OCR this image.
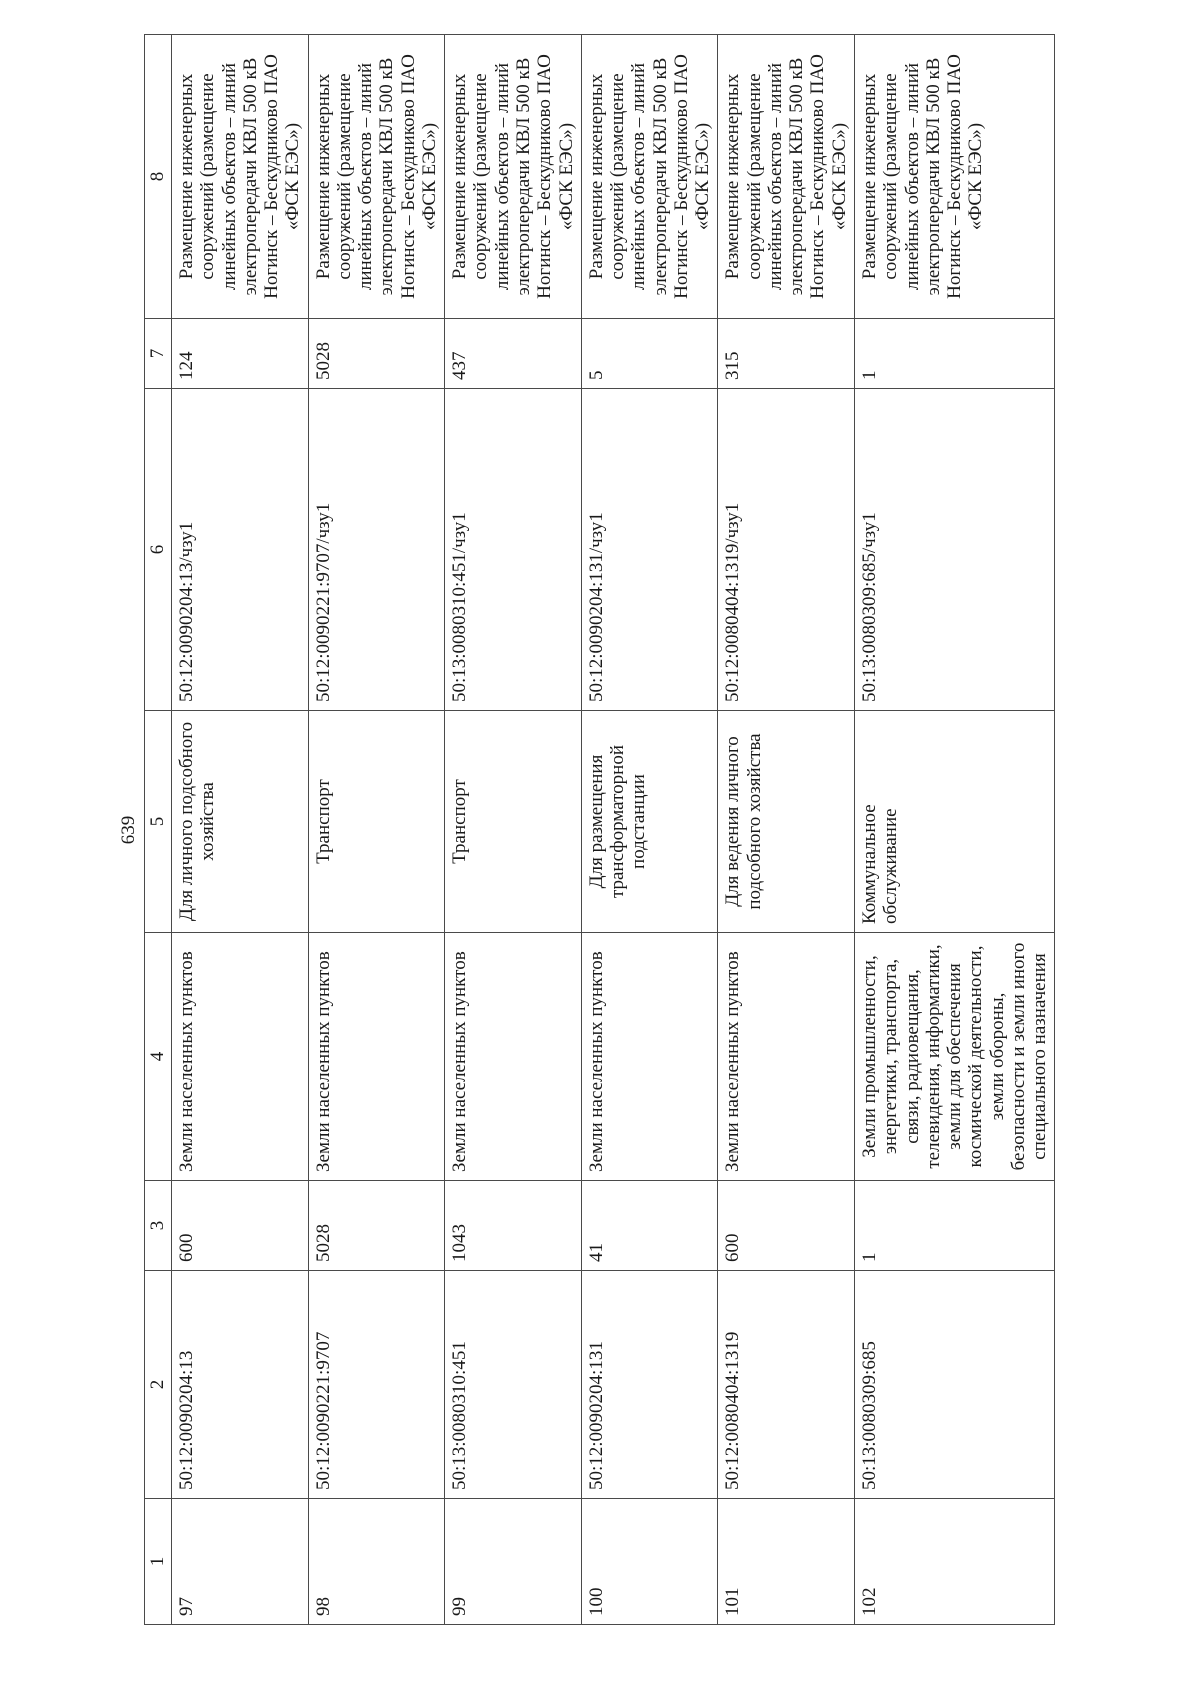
639
1	2	3	4	5	6	7	8
97	50:12:0090204:13	600	Земли населенных пунктов	Для личного подсобного хозяйства	50:12:0090204:13/чзу1	124	Размещение инженерных сооружений (размещение линейных объектов – линий электропередачи КВЛ 500 кВ Ногинск – Бескудниково ПАО «ФСК ЕЭС»)
98	50:12:0090221:9707	5028	Земли населенных пунктов	Транспорт	50:12:0090221:9707/чзу1	5028	Размещение инженерных сооружений (размещение линейных объектов – линий электропередачи КВЛ 500 кВ Ногинск – Бескудниково ПАО «ФСК ЕЭС»)
99	50:13:0080310:451	1043	Земли населенных пунктов	Транспорт	50:13:0080310:451/чзу1	437	Размещение инженерных сооружений (размещение линейных объектов – линий электропередачи КВЛ 500 кВ Ногинск – Бескудниково ПАО «ФСК ЕЭС»)
100	50:12:0090204:131	41	Земли населенных пунктов	Для размещения трансформаторной подстанции	50:12:0090204:131/чзу1	5	Размещение инженерных сооружений (размещение линейных объектов – линий электропередачи КВЛ 500 кВ Ногинск – Бескудниково ПАО «ФСК ЕЭС»)
101	50:12:0080404:1319	600	Земли населенных пунктов	Для ведения личного подсобного хозяйства	50:12:0080404:1319/чзу1	315	Размещение инженерных сооружений (размещение линейных объектов – линий электропередачи КВЛ 500 кВ Ногинск – Бескудниково ПАО «ФСК ЕЭС»)
102	50:13:0080309:685	1	Земли промышленности, энергетики, транспорта, связи, радиовещания, телевидения, информатики, земли для обеспечения космической деятельности, земли обороны, безопасности и земли иного специального назначения	Коммунальное обслуживание	50:13:0080309:685/чзу1	1	Размещение инженерных сооружений (размещение линейных объектов – линий электропередачи КВЛ 500 кВ Ногинск – Бескудниково ПАО «ФСК ЕЭС»)
